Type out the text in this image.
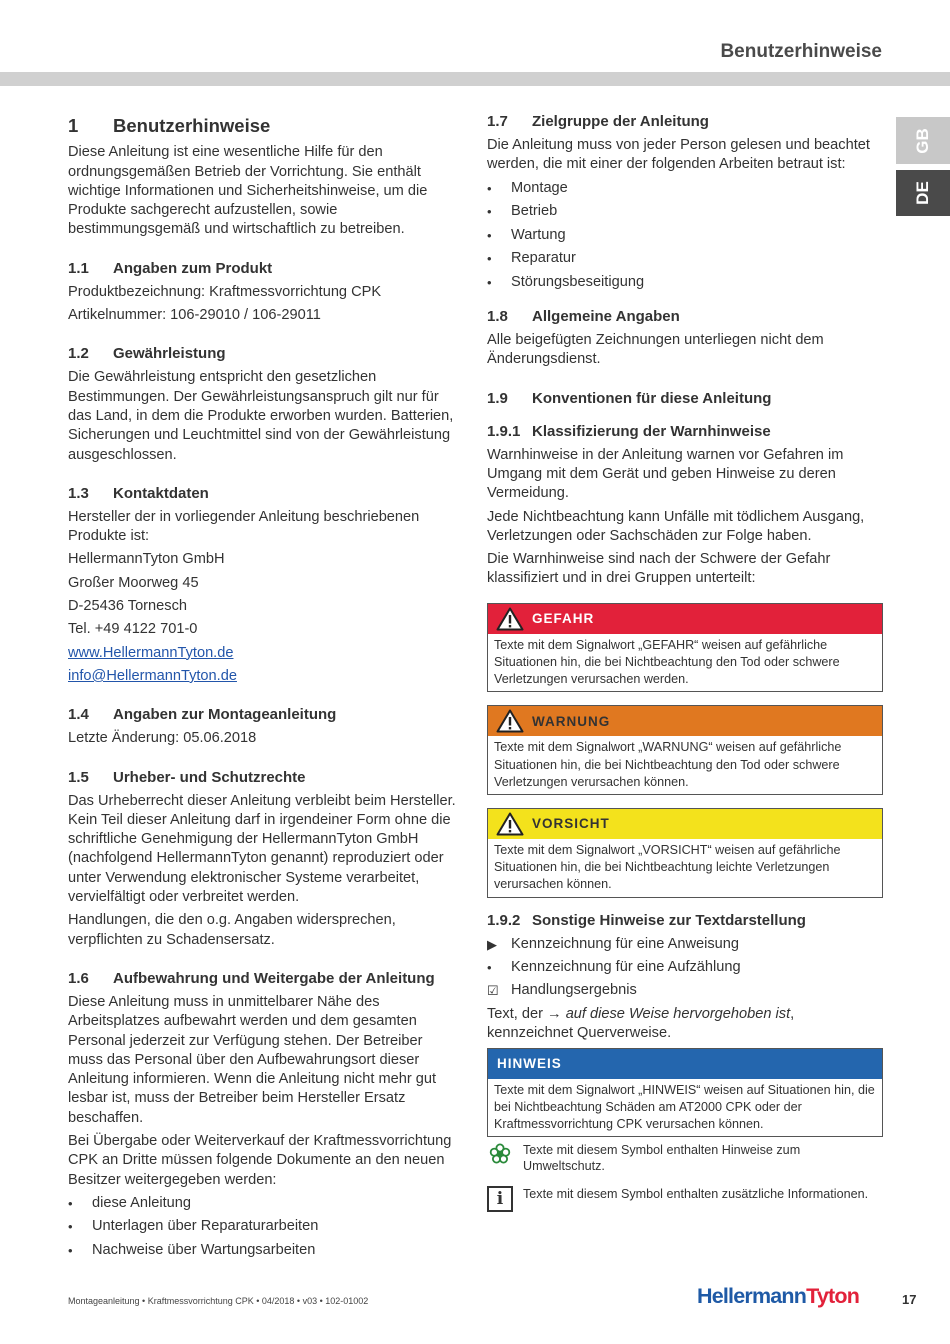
Benutzerhinweise
GB
DE
1	Benutzerhinweise

Diese Anleitung ist eine wesentliche Hilfe für den ordnungsgemäßen Betrieb der Vorrichtung. Sie enthält wichtige Informationen und Sicherheitshinweise, um die Produkte sachgerecht aufzustellen, sowie bestimmungsgemäß und wirtschaftlich zu betreiben.

1.1	Angaben zum Produkt

Produktbezeichnung: Kraftmessvorrichtung CPK

Artikelnummer: 106-29010 / 106-29011

1.2	Gewährleistung

Die Gewährleistung entspricht den gesetzlichen Bestimmungen. Der Gewährleistungsanspruch gilt nur für das Land, in dem die Produkte erworben wurden. Batterien, Sicherungen und Leuchtmittel sind von der Gewährleistung ausgeschlossen.

1.3	Kontaktdaten

Hersteller der in vorliegender Anleitung beschriebenen Produkte ist:

HellermannTyton GmbH

Großer Moorweg 45

D-25436 Tornesch

Tel. +49 4122 701-0

www.HellermannTyton.de

info@HellermannTyton.de

1.4	Angaben zur Montageanleitung

Letzte Änderung: 05.06.2018

1.5	Urheber- und Schutzrechte

Das Urheberrecht dieser Anleitung verbleibt beim Hersteller. Kein Teil dieser Anleitung darf in irgendeiner Form ohne die schriftliche Genehmigung der HellermannTyton GmbH (nachfolgend HellermannTyton genannt) reproduziert oder unter Verwendung elektronischer Systeme verarbeitet, vervielfältigt oder verbreitet werden.

Handlungen, die den o.g. Angaben widersprechen, verpflichten zu Schadensersatz.

1.6	Aufbewahrung und Weitergabe der Anleitung

Diese Anleitung muss in unmittelbarer Nähe des Arbeitsplatzes aufbewahrt werden und dem gesamten Personal jederzeit zur Verfügung stehen. Der Betreiber muss das Personal über den Aufbewahrungsort dieser Anleitung informieren. Wenn die Anleitung nicht mehr gut lesbar ist, muss der Betreiber beim Hersteller Ersatz beschaffen.

Bei Übergabe oder Weiterverkauf der Kraftmessvorrichtung CPK an Dritte müssen folgende Dokumente an den neuen Besitzer weitergegeben werden:

•	diese Anleitung
•	Unterlagen über Reparaturarbeiten
•	Nachweise über Wartungsarbeiten
1.7	Zielgruppe der Anleitung

Die Anleitung muss von jeder Person gelesen und beachtet werden, die mit einer der folgenden Arbeiten betraut ist:

•	Montage
•	Betrieb
•	Wartung
•	Reparatur
•	Störungsbeseitigung
1.8	Allgemeine Angaben

Alle beigefügten Zeichnungen unterliegen nicht dem Änderungsdienst.

1.9	Konventionen für diese Anleitung
1.9.1 Klassifizierung der Warnhinweise

Warnhinweise in der Anleitung warnen vor Gefahren im Umgang mit dem Gerät und geben Hinweise zu deren Vermeidung.

Jede Nichtbeachtung kann Unfälle mit tödlichem Ausgang, Verletzungen oder Sachschäden zur Folge haben.

Die Warnhinweise sind nach der Schwere der Gefahr klassifiziert und in drei Gruppen unterteilt:

GEFAHR
Texte mit dem Signalwort „GEFAHR“ weisen auf gefährliche Situationen hin, die bei Nichtbeachtung den Tod oder schwere Verletzungen verursachen werden.
WARNUNG
Texte mit dem Signalwort „WARNUNG“ weisen auf gefährliche Situationen hin, die bei Nichtbeachtung den Tod oder schwere Verletzungen verursachen können.
VORSICHT
Texte mit dem Signalwort „VORSICHT“ weisen auf gefährliche Situationen hin, die bei Nichtbeachtung leichte Verletzungen verursachen können.
1.9.2 Sonstige Hinweise zur Textdarstellung
▶ Kennzeichnung für eine Anweisung
•	Kennzeichnung für eine Aufzählung
☑ Handlungsergebnis

Text, der → auf diese Weise hervorgehoben ist, kennzeichnet Querverweise.

HINWEIS
Texte mit dem Signalwort „HINWEIS“ weisen auf Situationen hin, die bei Nichtbeachtung Schäden am AT2000 CPK oder der Kraftmessvorrichtung CPK verursachen können.
Texte mit diesem Symbol enthalten Hinweise zum Umweltschutz.
i	Texte mit diesem Symbol enthalten zusätzliche Informationen.
Montageanleitung • Kraftmessvorrichtung CPK • 04/2018 • v03 • 102-01002	HellermannTyton	17
